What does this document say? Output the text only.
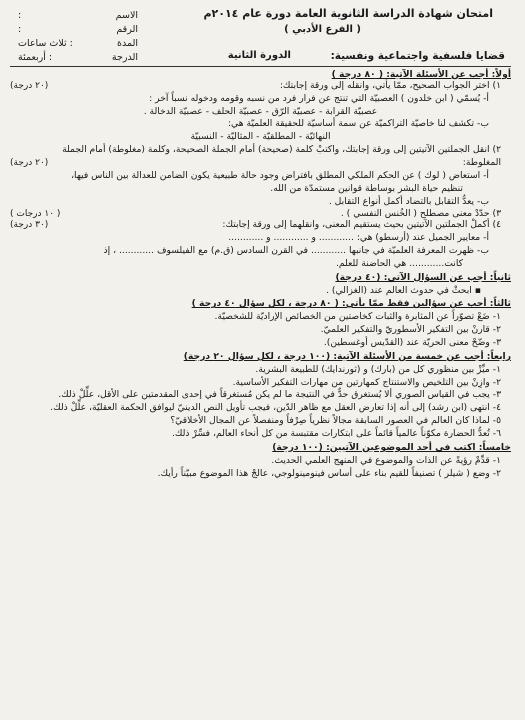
امتحان شهادة الدراسة الثانوية العامة دورة عام ٢٠١٤م
( الفرع الأدبي )
الاسم
:
الرقم
:
المدة
: ثلاث ساعات
الدرجة
: أربعمئة	الدورة الثانية	قضايا فلسفية واجتماعية ونفسية:
أولاً: أجب عن الأسئلة الآتية: ( ٨٠ درجة )
١) اختر الجواب الصحيح، ممّا يأتي، وانقله إلى ورقة إجابتك:
(٢٠ درجة)
أ- يُسمّي ( ابن خلدون ) العصبيّة التي تنتج عن فرار فرد من نسبه وقومه ودخوله نسباً آخر :
عصبيّة القرابة - عصبيّة الرّق - عصبيّة الحلف - عصبيّة الدخالة .
ب- تكشف لنا خاصيّة التراكميّة عن سمة أساسيّة للحقيقة العلميّة هي:
النهائيّة - المطلقيّة - المثاليّة - النسبيّة
٢) انقل الجملتين الآتيتين إلى ورقة إجابتك، واكتبْ كلمة (صحيحة) أمام الجملة الصحيحة، وكلمة (مغلوطة) أمام الجملة
المغلوطة:
(٢٠ درجة)
أ- استعاض ( لوك ) عن الحكم الملكي المطلق بافتراض وجود حالة طبيعية يكون الضامن للعدالة بين الناس فيها،
تنظيم حياة البشر بوساطة قوانين مستمدّة من الله.
ب- يعدُّ التقابل بالتضاد أكمل أنواع التقابل .
٣) حدّدْ معنى مصطلح ( الخُنس النفسي ) .
( ١٠ درجات )
٤) أكملْ الجملتين الآتيتين بحيث يستقيم المعنى، وانقلهما إلى ورقة إجابتك:
(٣٠ درجة)
أ- معايير الجميل عند (أرسطو) هي: ............ و ............ و ............
ب- ظهرت المعرفة العلميّة في جانبها ............ في القرن السادس (ق.م) مع الفيلسوف ............ ، إذ
كانت............ هي الحاضنة للعلم.
ثانياً: أجب عن السؤال الآتي: (٤٠ درجة)
▪ ابحثْ في حدوث العالم عند (الغزالي) .
ثالثاً: أجب عن سؤالين فقط ممّا يأتي: ( ٨٠ درجة ، لكل سؤال ٤٠ درجة )
١- ضَعْ تصوّراً عن المثابرة والثبات كخاصتين من الخصائص الإراديّة للشخصيّة.
٢- قارنْ بين التفكير الأسطوريّ والتفكير العلميّ.
٣- وضّحْ معنى الحريّة عند (القدّيس أوغسطين).
رابعاً: أجب عن خمسة من الأسئلة الآتية: (١٠٠ درجة ، لكل سؤال ٢٠ درجة)
١- ميِّزْ بين منظوري كل من (بارك) و (ثورندايك) للطبيعة البشرية.
٢- وازِنْ بين التلخيص والاستنتاج كمهارتين من مهارات التفكير الأساسية.
٣- يجب في القياس الصوري ألا يُستغرق حدٌّ في النتيجة ما لم يكن مُستغرقاً في إحدى المقدمتين على الأقل، علِّلْ ذلك.
٤- انتهى (ابن رشد) إلى أنه إذا تعارض العقل مع ظاهر الدّين، فيجب تأويل النص الدينيّ ليوافق الحكمة العقليّة، علِّلْ ذلك.
٥- لماذا كان العالم في العصور السابقة مجالاً نظرياً صِرْفاً ومنفصلاً عن المجال الأخلاقيّ؟
٦- تُعدُّ الحضارة مكوّناً عالمياً قائماً على ابتكارات مقتبسة من كل أنحاء العالم، فسِّرْ ذلك.
خامساً: اكتب في أحد الموضوعين الآتيين: (١٠٠ درجة)
١- قدِّمْ رؤيةً عن الذات والموضوع في المنهج العلمي الحديث.
٢- وضع ( شيلر ) تصنيفاً للقيم بناء على أساس فينومينولوجي، عالجْ هذا الموضوع مبيّناً رأيك.
